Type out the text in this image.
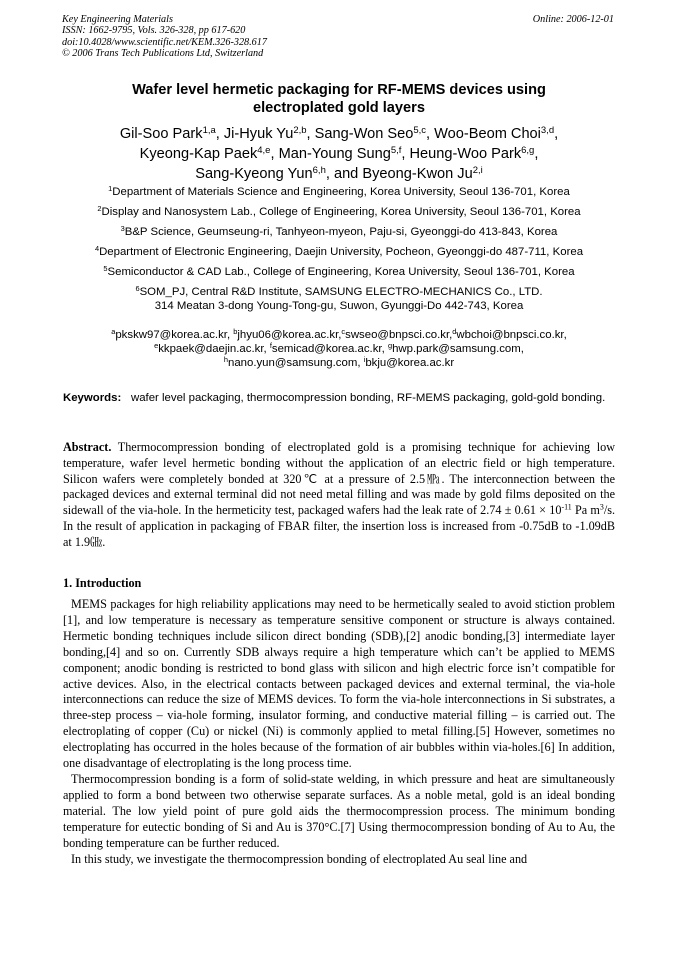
Key Engineering Materials
ISSN: 1662-9795, Vols. 326-328, pp 617-620
doi:10.4028/www.scientific.net/KEM.326-328.617
© 2006 Trans Tech Publications Ltd, Switzerland
Online: 2006-12-01
Wafer level hermetic packaging for RF-MEMS devices using
electroplated gold layers
Gil-Soo Park$^{1,a}$, Ji-Hyuk Yu$^{2,b}$, Sang-Won Seo$^{5,c}$, Woo-Beom Choi$^{3,d}$,
Kyeong-Kap Paek$^{4,e}$, Man-Young Sung$^{5,f}$, Heung-Woo Park$^{6,g}$,
Sang-Kyeong Yun$^{6,h}$, and Byeong-Kwon Ju$^{2,i}$
$^1$Department of Materials Science and Engineering, Korea University, Seoul 136-701, Korea
$^2$Display and Nanosystem Lab., College of Engineering, Korea University, Seoul 136-701, Korea
$^3$B&P Science, Geumseung-ri, Tanhyeon-myeon, Paju-si, Gyeonggi-do 413-843, Korea
$^4$Department of Electronic Engineering, Daejin University, Pocheon, Gyeonggi-do 487-711, Korea
$^5$Semiconductor & CAD Lab., College of Engineering, Korea University, Seoul 136-701, Korea
$^6$SOM_PJ, Central R&D Institute, SAMSUNG ELECTRO-MECHANICS Co., LTD.
314 Meatan 3-dong Young-Tong-gu, Suwon, Gyunggi-Do 442-743, Korea
$^a$pkskw97@korea.ac.kr, $^b$jhyu06@korea.ac.kr,$^c$swseo@bnpsci.co.kr,$^d$wbchoi@bnpsci.co.kr,
$^e$kkpaek@daejin.ac.kr, $^f$semicad@korea.ac.kr, $^g$hwp.park@samsung.com,
$^h$nano.yun@samsung.com, $^i$bkju@korea.ac.kr
Keywords: wafer level packaging, thermocompression bonding, RF-MEMS packaging, gold-gold bonding.
Abstract. Thermocompression bonding of electroplated gold is a promising technique for achieving low temperature, wafer level hermetic bonding without the application of an electric field or high temperature. Silicon wafers were completely bonded at 320℃ at a pressure of 2.5㎫. The interconnection between the packaged devices and external terminal did not need metal filling and was made by gold films deposited on the sidewall of the via-hole. In the hermeticity test, packaged wafers had the leak rate of $2.74 \pm 0.61 \times 10^{-11}$ Pa $m^3/s$. In the result of application in packaging of FBAR filter, the insertion loss is increased from -0.75dB to -1.09dB at 1.9㎓.
1. Introduction

MEMS packages for high reliability applications may need to be hermetically sealed to avoid stiction problem [1], and low temperature is necessary as temperature sensitive component or structure is always contained. Hermetic bonding techniques include silicon direct bonding (SDB),[2] anodic bonding,[3] intermediate layer bonding,[4] and so on. Currently SDB always require a high temperature which can’t be applied to MEMS component; anodic bonding is restricted to bond glass with silicon and high electric force isn’t compatible for active devices. Also, in the electrical contacts between packaged devices and external terminal, the via-hole interconnections can reduce the size of MEMS devices. To form the via-hole interconnections in Si substrates, a three-step process – via-hole forming, insulator forming, and conductive material filling – is carried out. The electroplating of copper (Cu) or nickel (Ni) is commonly applied to metal filling.[5] However, sometimes no electroplating has occurred in the holes because of the formation of air bubbles within via-holes.[6] In addition, one disadvantage of electroplating is the long process time.

Thermocompression bonding is a form of solid-state welding, in which pressure and heat are simultaneously applied to form a bond between two otherwise separate surfaces. As a noble metal, gold is an ideal bonding material. The low yield point of pure gold aids the thermocompression process. The minimum bonding temperature for eutectic bonding of Si and Au is 370°C.[7] Using thermocompression bonding of Au to Au, the bonding temperature can be further reduced.

In this study, we investigate the thermocompression bonding of electroplated Au seal line and
